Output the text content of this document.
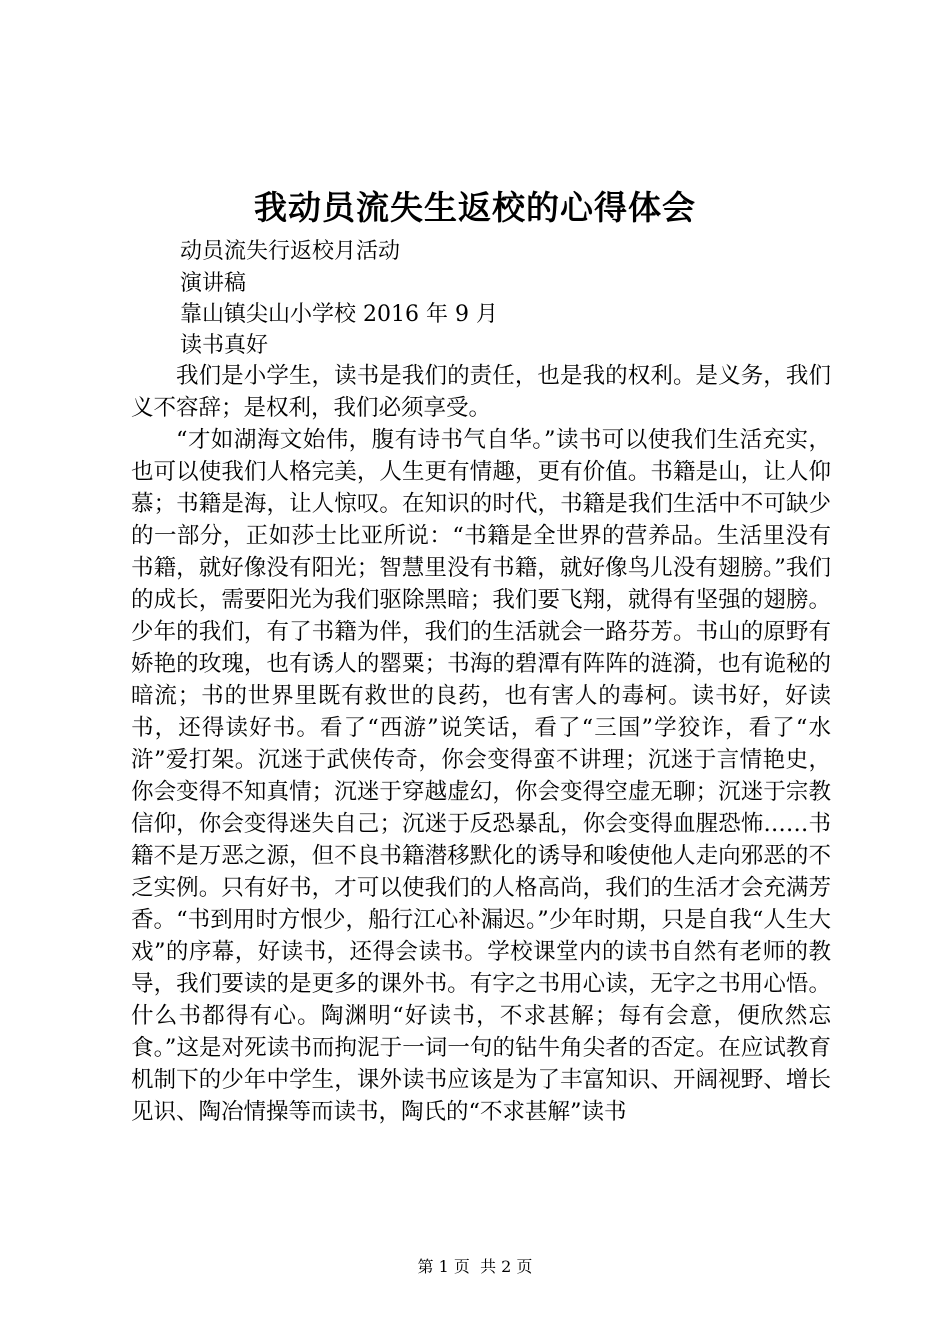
我动员流失生返校的心得体会
动员流失行返校月活动
演讲稿
靠山镇尖山小学校 2016 年 9 月
读书真好

我们是小学生，读书是我们的责任，也是我的权利。是义务，我们义不容辞；是权利，我们必须享受。

“才如湖海文始伟，腹有诗书气自华。”读书可以使我们生活充实，也可以使我们人格完美，人生更有情趣，更有价值。书籍是山，让人仰慕；书籍是海，让人惊叹。在知识的时代，书籍是我们生活中不可缺少的一部分，正如莎士比亚所说：“书籍是全世界的营养品。生活里没有书籍，就好像没有阳光；智慧里没有书籍，就好像鸟儿没有翅膀。”我们的成长，需要阳光为我们驱除黑暗；我们要飞翔，就得有坚强的翅膀。少年的我们，有了书籍为伴，我们的生活就会一路芬芳。书山的原野有娇艳的玫瑰，也有诱人的罂粟；书海的碧潭有阵阵的涟漪，也有诡秘的暗流；书的世界里既有救世的良药，也有害人的毒柯。读书好，好读书，还得读好书。看了“西游”说笑话，看了“三国”学狡诈，看了“水浒”爱打架。沉迷于武侠传奇，你会变得蛮不讲理；沉迷于言情艳史，你会变得不知真情；沉迷于穿越虚幻，你会变得空虚无聊；沉迷于宗教信仰，你会变得迷失自己；沉迷于反恐暴乱，你会变得血腥恐怖……书籍不是万恶之源，但不良书籍潜移默化的诱导和唆使他人走向邪恶的不乏实例。只有好书，才可以使我们的人格高尚，我们的生活才会充满芳香。“书到用时方恨少，船行江心补漏迟。”少年时期，只是自我“人生大戏”的序幕，好读书，还得会读书。学校课堂内的读书自然有老师的教导，我们要读的是更多的课外书。有字之书用心读，无字之书用心悟。什么书都得有心。陶渊明“好读书，不求甚解；每有会意，便欣然忘食。”这是对死读书而拘泥于一词一句的钻牛角尖者的否定。在应试教育机制下的少年中学生，课外读书应该是为了丰富知识、开阔视野、增长见识、陶冶情操等而读书，陶氏的“不求甚解”读书

第 1 页  共 2 页
